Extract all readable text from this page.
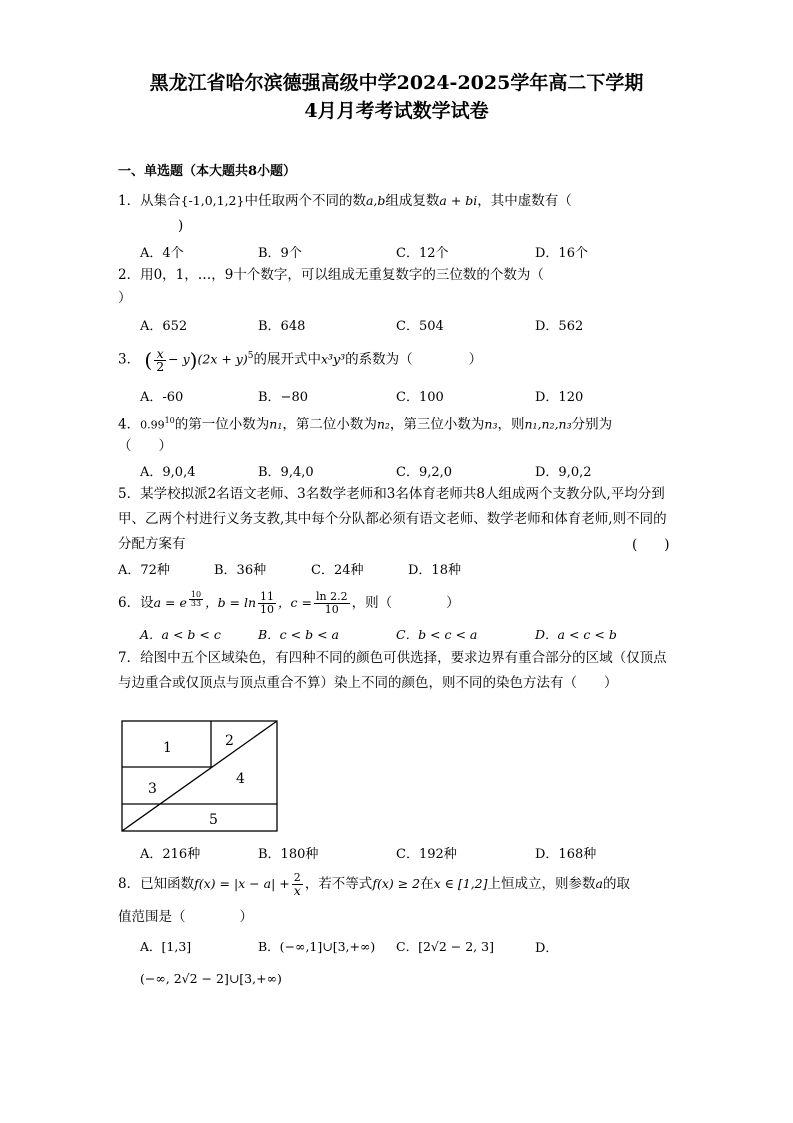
黑龙江省哈尔滨德强高级中学2024-2025学年高二下学期
4月月考考试数学试卷
一、单选题（本大题共8小题）
1．从集合{-1,0,1,2}中任取两个不同的数a,b组成复数a + bi，其中虚数有（
)
A．4个	B．9个	C．12个	D．16个
2．用0，1，…，9十个数字，可以组成无重复数字的三位数的个数为（
）
A．652	B．648	C．504	D．562
3． ( $\frac{x}{2} - y)(2x + y)^5$的展开式中x³y³的系数为（	）
A．-60	B．−80	C．100	D．120
4．0.99$^{10}$的第一位小数为n₁，第二位小数为n₂，第三位小数为n₃，则n₁,n₂,n₃分别为
（　　）
A．9,0,4	B．9,4,0	C．9,2,0	D．9,0,2
5．某学校拟派2名语文老师、3名数学老师和3名体育老师共8人组成两个支教分队,平均分到甲、乙两个村进行义务支教,其中每个分队都必须有语文老师、数学老师和体育老师,则不同的分配方案有	(　　)
A．72种	B．36种	C．24种	D．18种
6．设a = e $\frac{10}{33}$ ，$b = \ln \frac{11}{10}$ ，$c = \frac{\ln 2.2}{10}$ ，则（　　　　）
A．a < b < c	B．c < b < a	C．b < c < a	D．a < c < b
7．给图中五个区域染色，有四种不同的颜色可供选择，要求边界有重合部分的区域（仅顶点与边重合或仅顶点与顶点重合不算）染上不同的颜色，则不同的染色方法有（　　）
1	2
3
4
5
A．216种	B．180种	C．192种	D．168种
8．已知函数$f(x) = |x - a| + \frac{2}{x}$ ，若不等式f(x) ≥ 2在x ∈ [1,2]上恒成立，则参数a的取
值范围是（　　　　）
A．[1,3]	B．(−∞,1]∪[3,+∞) C．[2√2 − 2, 3]	D．
(−∞, 2√2 − 2]∪[3,+∞)
